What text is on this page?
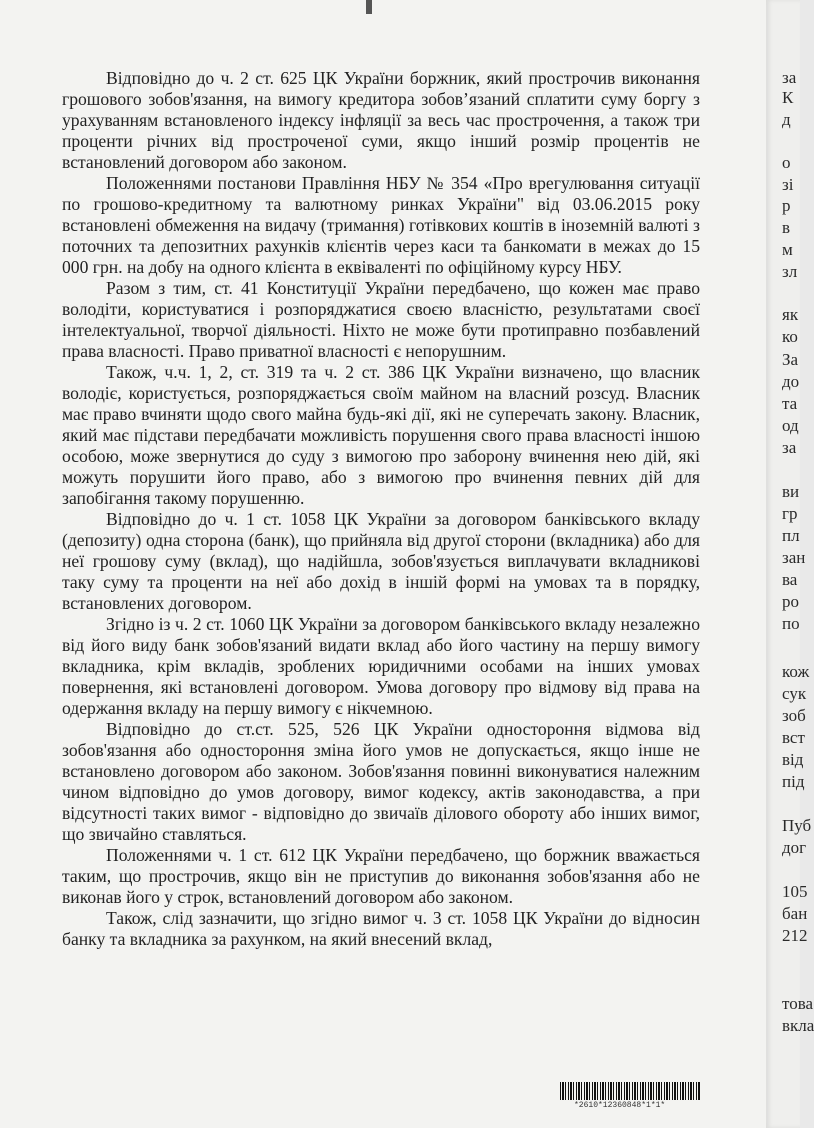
Відповідно до ч. 2 ст. 625 ЦК України боржник, який прострочив виконання грошового зобов'язання, на вимогу кредитора зобов’язаний сплатити суму боргу з урахуванням встановленого індексу інфляції за весь час прострочення, а також три проценти річних від простроченої суми, якщо інший розмір процентів не встановлений договором або законом.

Положеннями постанови Правління НБУ № 354 «Про врегулювання ситуації по грошово-кредитному та валютному ринках України" від 03.06.2015 року встановлені обмеження на видачу (тримання) готівкових коштів в іноземній валюті з поточних та депозитних рахунків клієнтів через каси та банкомати в межах до 15 000 грн. на добу на одного клієнта в еквіваленті по офіційному курсу НБУ.

Разом з тим, ст. 41 Конституції України передбачено, що кожен має право володіти, користуватися і розпоряджатися своєю власністю, результатами своєї інтелектуальної, творчої діяльності. Ніхто не може бути протиправно позбавлений права власності. Право приватної власності є непорушним.

Також, ч.ч. 1, 2, ст. 319 та ч. 2 ст. 386 ЦК України визначено, що власник володіє, користується, розпоряджається своїм майном на власний розсуд. Власник має право вчиняти щодо свого майна будь-які дії, які не суперечать закону. Власник, який має підстави передбачати можливість порушення свого права власності іншою особою, може звернутися до суду з вимогою про заборону вчинення нею дій, які можуть порушити його право, або з вимогою про вчинення певних дій для запобігання такому порушенню.

Відповідно до ч. 1 ст. 1058 ЦК України за договором банківського вкладу (депозиту) одна сторона (банк), що прийняла від другої сторони (вкладника) або для неї грошову суму (вклад), що надійшла, зобов'язується виплачувати вкладникові таку суму та проценти на неї або дохід в іншій формі на умовах та в порядку, встановлених договором.

Згідно із ч. 2 ст. 1060 ЦК України за договором банківського вкладу незалежно від його виду банк зобов'язаний видати вклад або його частину на першу вимогу вкладника, крім вкладів, зроблених юридичними особами на інших умовах повернення, які встановлені договором. Умова договору про відмову від права на одержання вкладу на першу вимогу є нікчемною.

Відповідно до ст.ст. 525, 526 ЦК України одностороння відмова від зобов'язання або одностороння зміна його умов не допускається, якщо інше не встановлено договором або законом. Зобов'язання повинні виконуватися належним чином відповідно до умов договору, вимог кодексу, актів законодавства, а при відсутності таких вимог - відповідно до звичаїв ділового обороту або інших вимог, що звичайно ставляться.

Положеннями ч. 1 ст. 612 ЦК України передбачено, що боржник вважається таким, що прострочив, якщо він не приступив до виконання зобов'язання або не виконав його у строк, встановлений договором або законом.

Також, слід зазначити, що згідно вимог ч. 3 ст. 1058 ЦК України до відносин банку та вкладника за рахунком, на який внесений вклад,

*2610*12360848*1*1*
за
К
д
о
зі
р
в
м
зл
як
ко
За
до
та
од
за
ви
гр
пл
зан
ва
ро
по
кож
сук
зоб
вст
від
під
Пуб
дог
105
бан
212
това
вкла
